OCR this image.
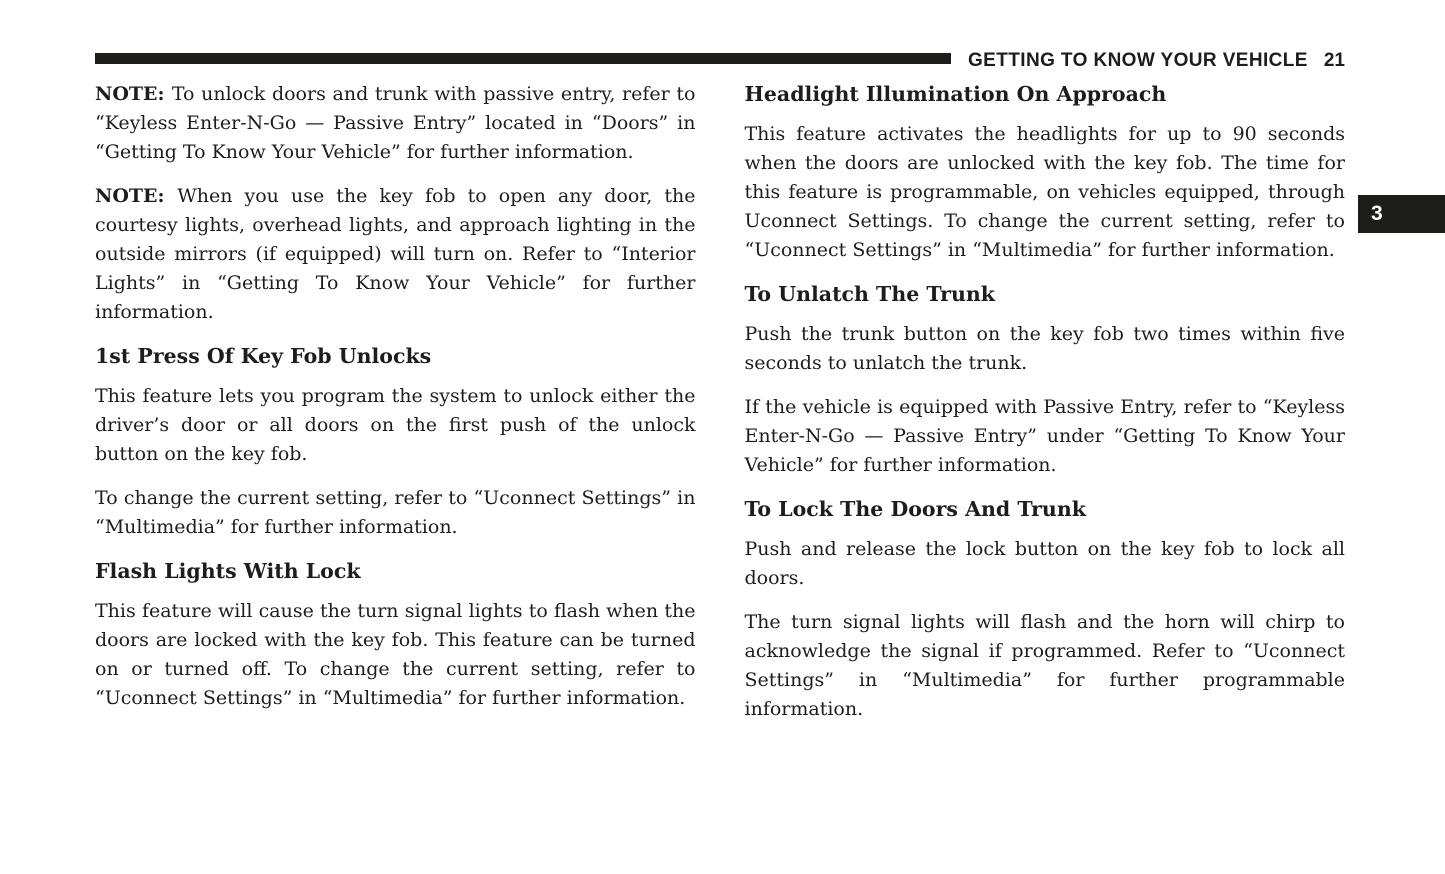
GETTING TO KNOW YOUR VEHICLE 21
3

NOTE: To unlock doors and trunk with passive entry, refer to “Keyless Enter-N-Go — Passive Entry” located in “Doors” in “Getting To Know Your Vehicle” for further information.

NOTE: When you use the key fob to open any door, the courtesy lights, overhead lights, and approach lighting in the outside mirrors (if equipped) will turn on. Refer to “Interior Lights” in “Getting To Know Your Vehicle” for further information.

1st Press Of Key Fob Unlocks

This feature lets you program the system to unlock either the driver’s door or all doors on the first push of the unlock button on the key fob.

To change the current setting, refer to “Uconnect Settings” in “Multimedia” for further information.

Flash Lights With Lock

This feature will cause the turn signal lights to flash when the doors are locked with the key fob. This feature can be turned on or turned off. To change the current setting, refer to “Uconnect Settings” in “Multimedia” for further information.

Headlight Illumination On Approach

This feature activates the headlights for up to 90 seconds when the doors are unlocked with the key fob. The time for this feature is programmable, on vehicles equipped, through Uconnect Settings. To change the current setting, refer to “Uconnect Settings” in “Multimedia” for further information.

To Unlatch The Trunk

Push the trunk button on the key fob two times within five seconds to unlatch the trunk.

If the vehicle is equipped with Passive Entry, refer to “Keyless Enter-N-Go — Passive Entry” under “Getting To Know Your Vehicle” for further information.

To Lock The Doors And Trunk

Push and release the lock button on the key fob to lock all doors.

The turn signal lights will flash and the horn will chirp to acknowledge the signal if programmed. Refer to “Uconnect Settings” in “Multimedia” for further programmable information.
